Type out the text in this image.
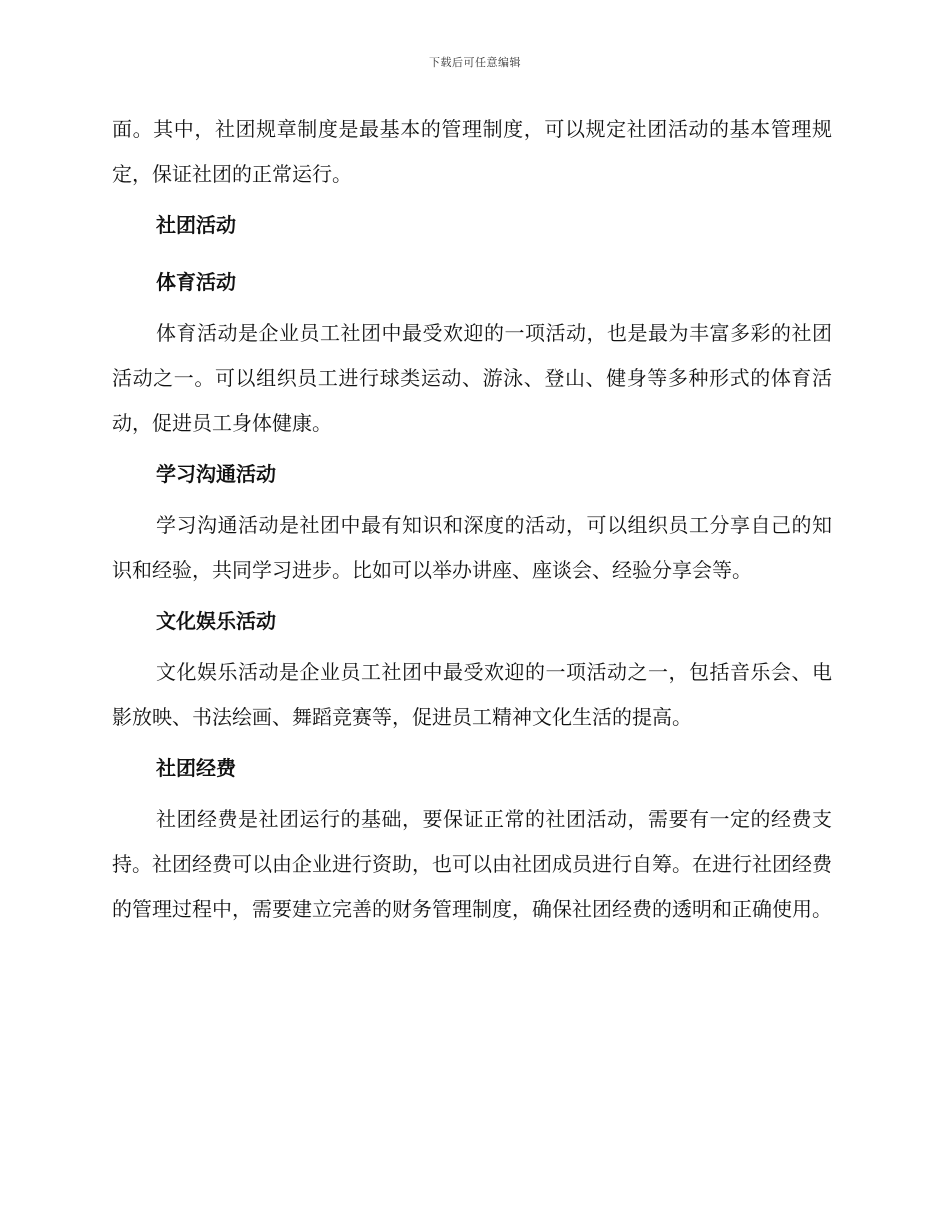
下载后可任意编辑

面。其中，社团规章制度是最基本的管理制度，可以规定社团活动的基本管理规定，保证社团的正常运行。

社团活动
体育活动

体育活动是企业员工社团中最受欢迎的一项活动，也是最为丰富多彩的社团活动之一。可以组织员工进行球类运动、游泳、登山、健身等多种形式的体育活动，促进员工身体健康。

学习沟通活动

学习沟通活动是社团中最有知识和深度的活动，可以组织员工分享自己的知识和经验，共同学习进步。比如可以举办讲座、座谈会、经验分享会等。

文化娱乐活动

文化娱乐活动是企业员工社团中最受欢迎的一项活动之一，包括音乐会、电影放映、书法绘画、舞蹈竞赛等，促进员工精神文化生活的提高。

社团经费

社团经费是社团运行的基础，要保证正常的社团活动，需要有一定的经费支持。社团经费可以由企业进行资助，也可以由社团成员进行自筹。在进行社团经费的管理过程中，需要建立完善的财务管理制度，确保社团经费的透明和正确使用。
